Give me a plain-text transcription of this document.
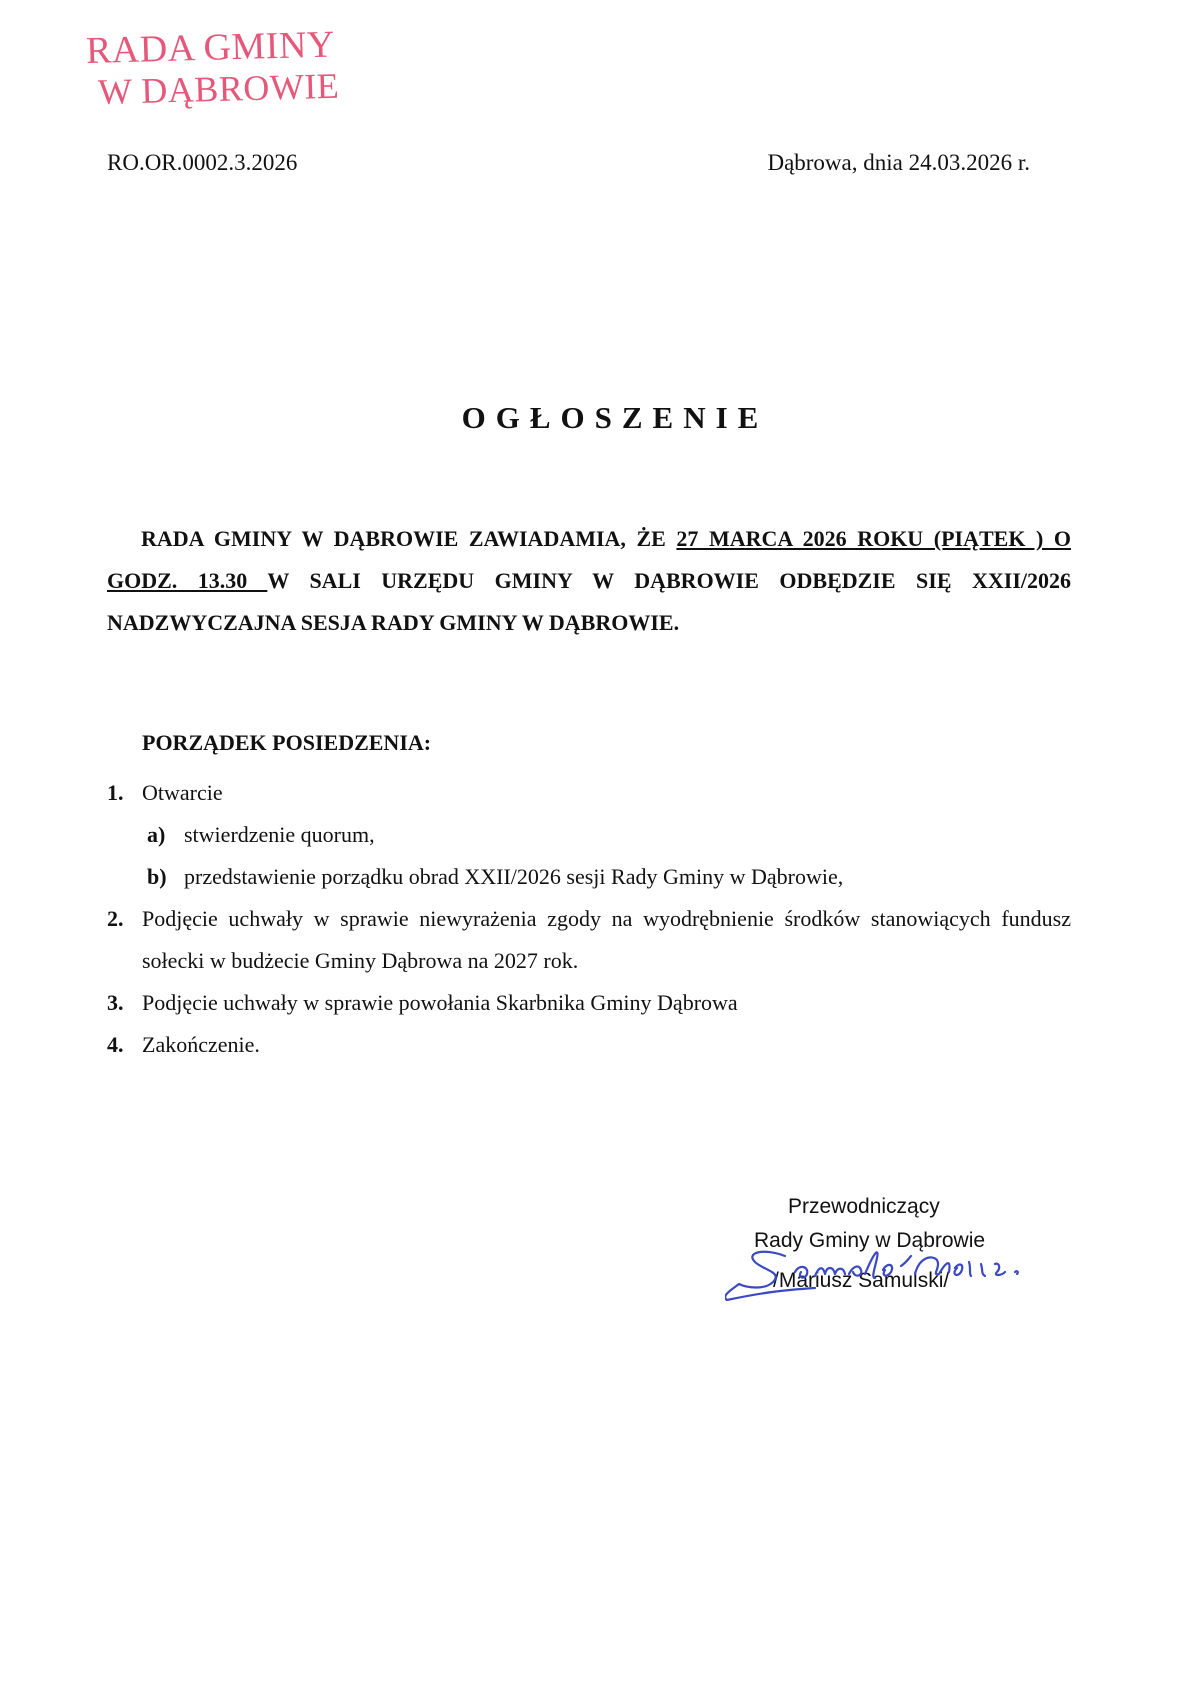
RADA GMINY
W DĄBROWIE
RO.OR.0002.3.2026	Dąbrowa, dnia 24.03.2026 r.
OGŁOSZENIE
RADA GMINY W DĄBROWIE ZAWIADAMIA, ŻE 27 MARCA 2026 ROKU (PIĄTEK ) O GODZ. 13.30 W SALI URZĘDU GMINY W DĄBROWIE ODBĘDZIE SIĘ XXII/2026 NADZWYCZAJNA SESJA RADY GMINY W DĄBROWIE.
PORZĄDEK POSIEDZENIA:
1. Otwarcie
a) stwierdzenie quorum,
b) przedstawienie porządku obrad XXII/2026 sesji Rady Gminy w Dąbrowie,
2. Podjęcie uchwały w sprawie niewyrażenia zgody na wyodrębnienie środków stanowiących fundusz sołecki w budżecie Gminy Dąbrowa na 2027 rok.
3. Podjęcie uchwały w sprawie powołania Skarbnika Gminy Dąbrowa
4. Zakończenie.
Przewodniczący
Rady Gminy w Dąbrowie
/Mariusz Samulski/
